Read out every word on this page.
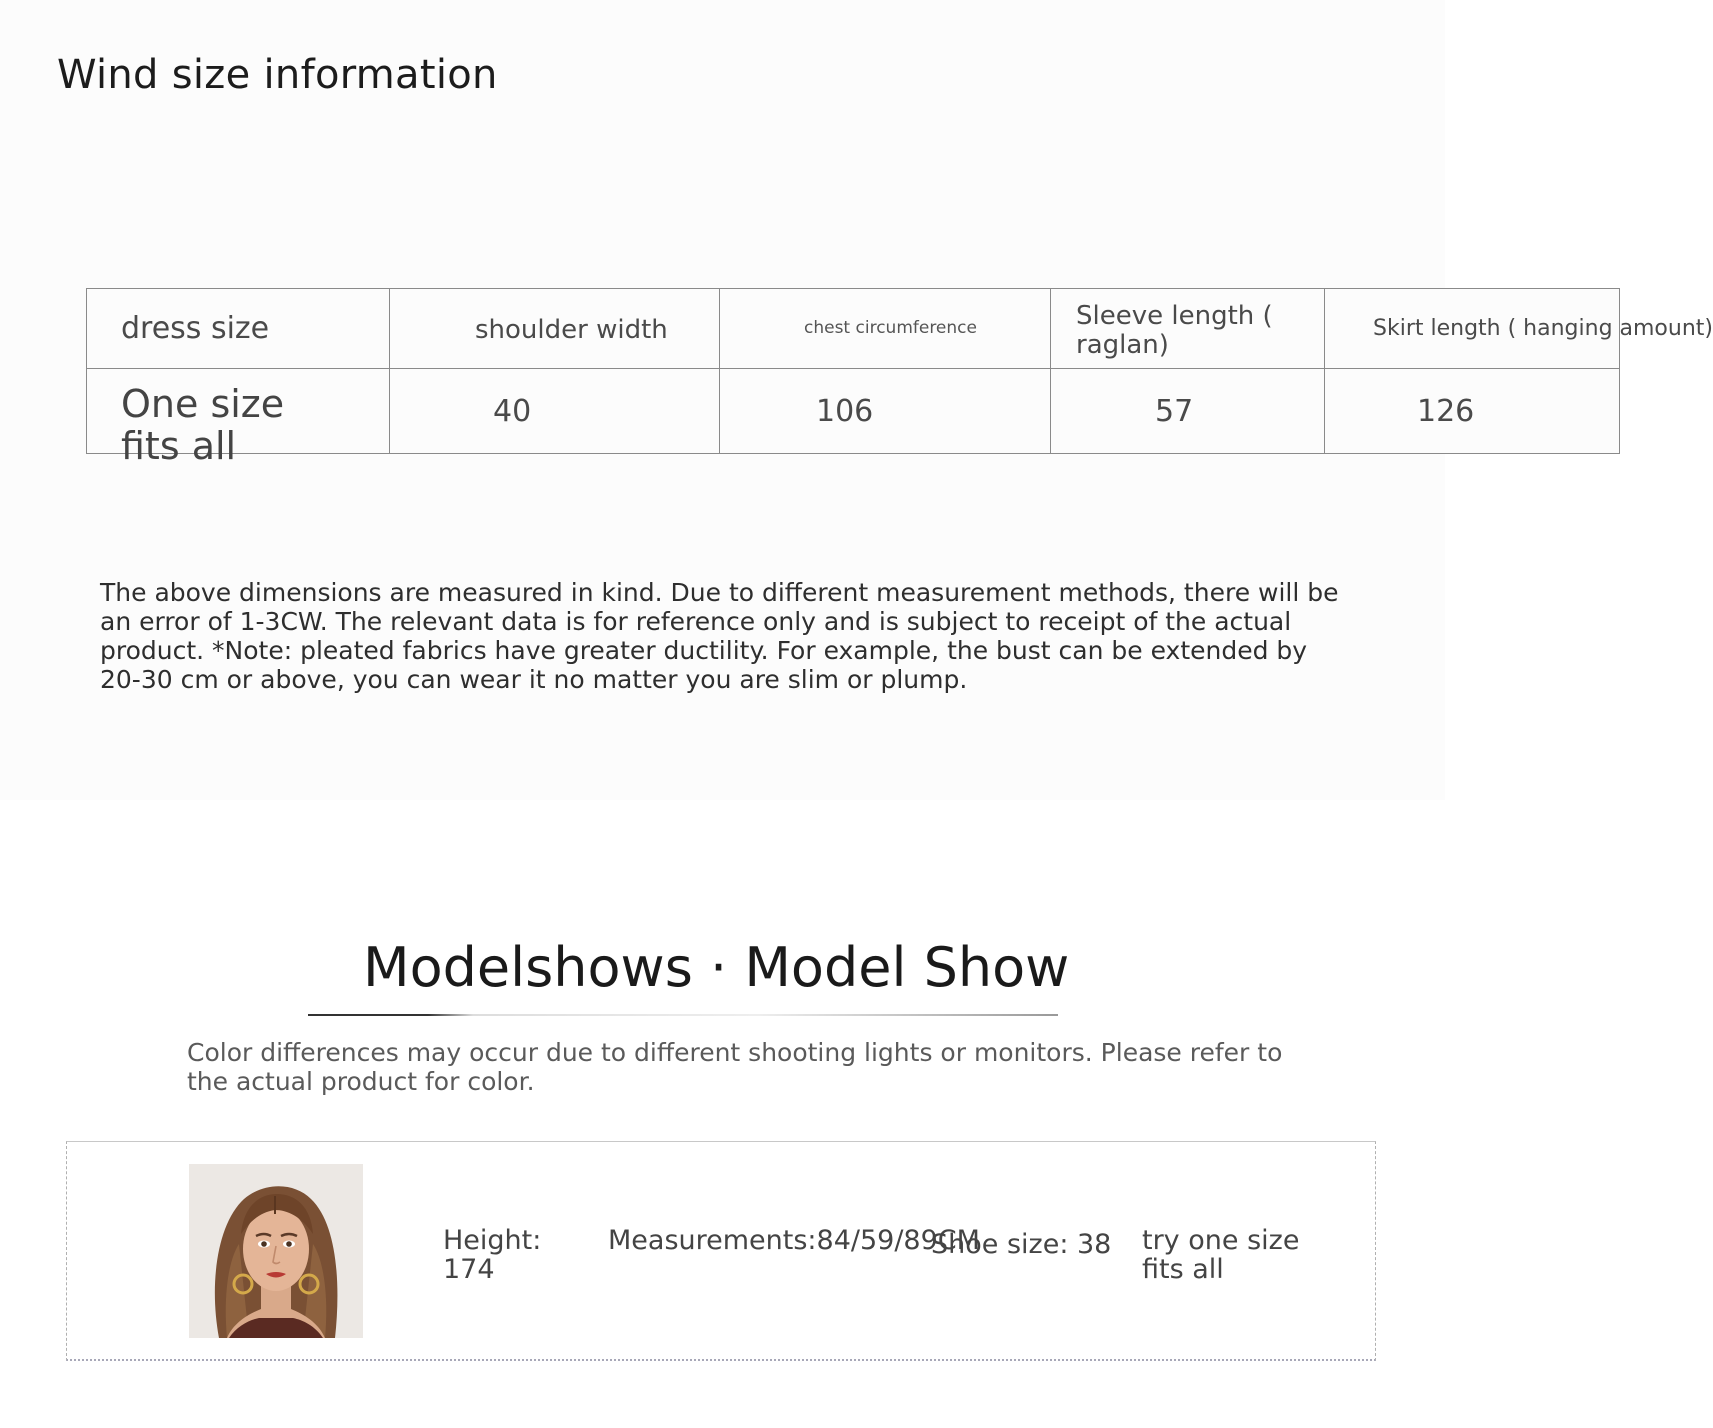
Wind size information
dress size	shoulder width	chest circumference	Sleeve length ( raglan)	Skirt length ( hanging amount)

One size fits all	40	106	57	126

The above dimensions are measured in kind. Due to different measurement methods, there will be an error of 1-3CW. The relevant data is for reference only and is subject to receipt of the actual product. *Note: pleated fabrics have greater ductility. For example, the bust can be extended by 20-30 cm or above, you can wear it no matter you are slim or plump.

Modelshows · Model Show

Color differences may occur due to different shooting lights or monitors. Please refer to the actual product for color.

Height: 174
Measurements:84/59/89CM
Shoe size: 38	try one size fits all
